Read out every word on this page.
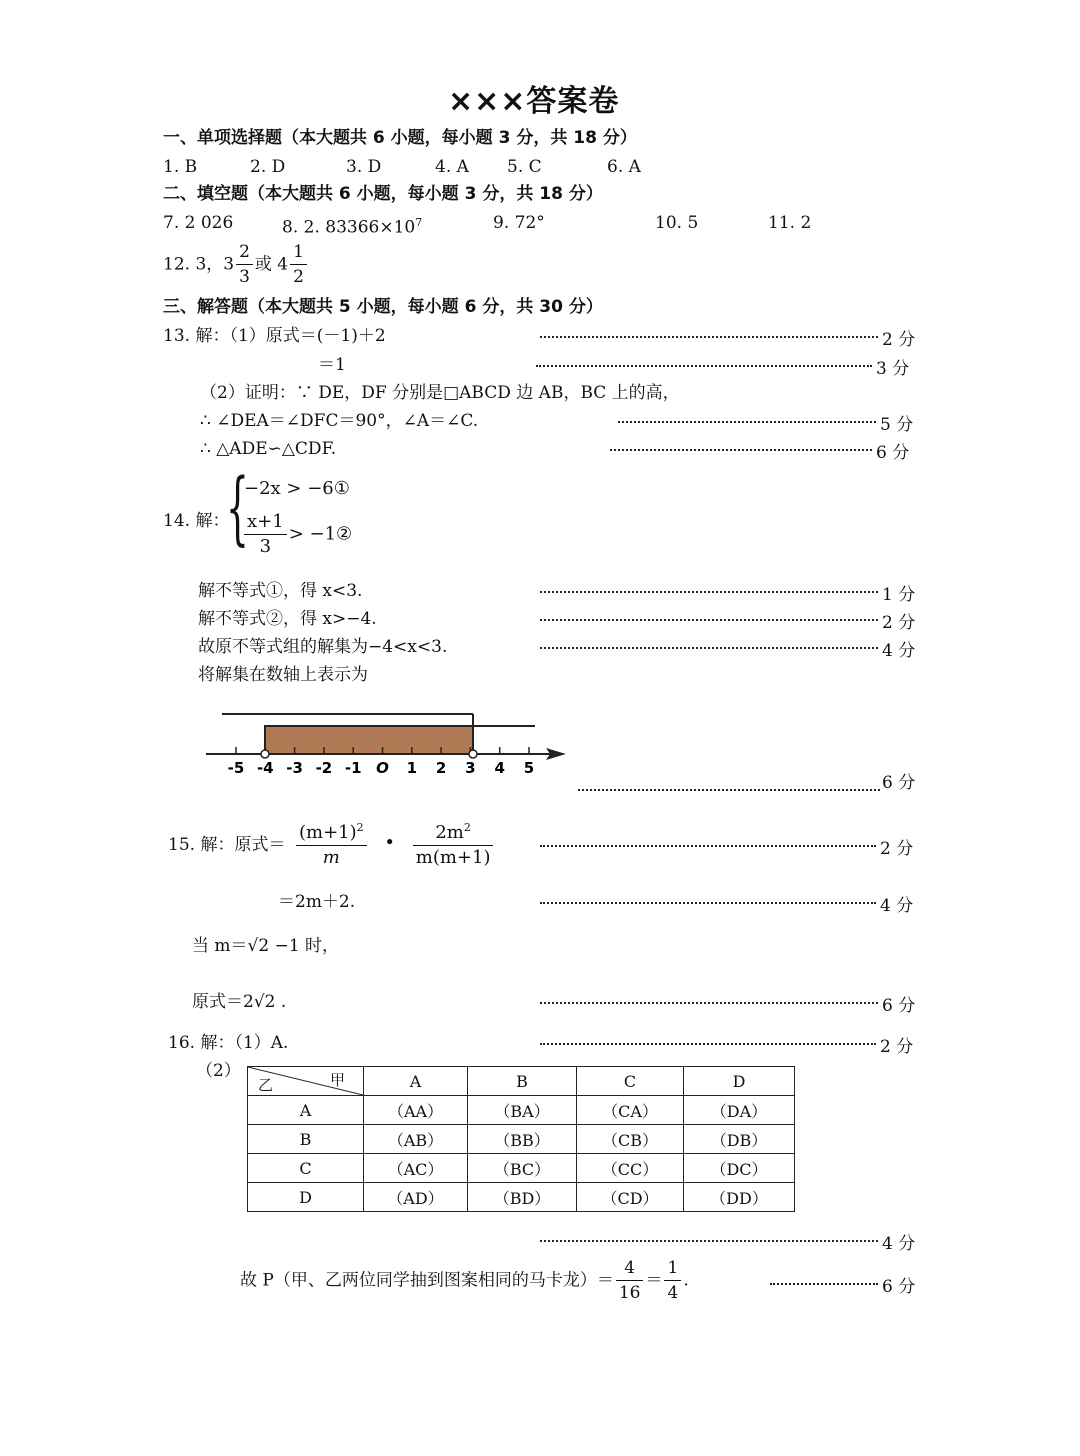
×××答案卷
一、单项选择题（本大题共 6 小题，每小题 3 分，共 18 分）
1. B	2. D	3. D	4. A 5. C	6. A
二、填空题（本大题共 6 小题，每小题 3 分，共 18 分）
7. 2 026	8. 2. $83366\times 10^7$	9. 72°	10. 5	11. 2
12. 3，$3 \frac{2}{3}$ 或 $4 \frac{1}{2}$
三、解答题（本大题共 5 小题，每小题 6 分，共 30 分）
13. 解：（1）原式＝(－1)＋2	2 分
＝1	3 分
（2）证明：∵ DE，DF 分别是□ABCD 边 AB，BC 上的高，
∴ ∠DEA＝∠DFC＝90°，∠A＝∠C.	5 分
∴ △ADE∽△CDF.	6 分
14. 解：
{
−2x > −6①
$\frac{x+1}{3}$ > −1②
解不等式①，得 x<3.	1 分
解不等式②，得 x>−4.	2 分
故原不等式组的解集为−4<x<3.	4 分
将解集在数轴上表示为
-5 -4 -3 -2 -1 O 1 2 3 4 5
6 分
15. 解：原式＝ $\frac{(m+1)^2}{m}$ • $\frac{2m^2}{m(m+1)}$	2 分
＝2m＋2.	4 分
当 m＝√2 −1 时，
原式＝2√2 .	6 分
16. 解：（1）A.	2 分
（2）	甲
乙	A	B	C	D
A	（AA）	（BA）	（CA）	（DA）
B	（AB）	（BB）	（CB）	（DB）
C	（AC）	（BC）	（CC）	（DC）
D	（AD）	（BD）	（CD）	（DD）
4 分
故 P（甲、乙两位同学抽到图案相同的马卡龙）＝ $\frac{4}{16} = \frac{1}{4}$ .	6 分
